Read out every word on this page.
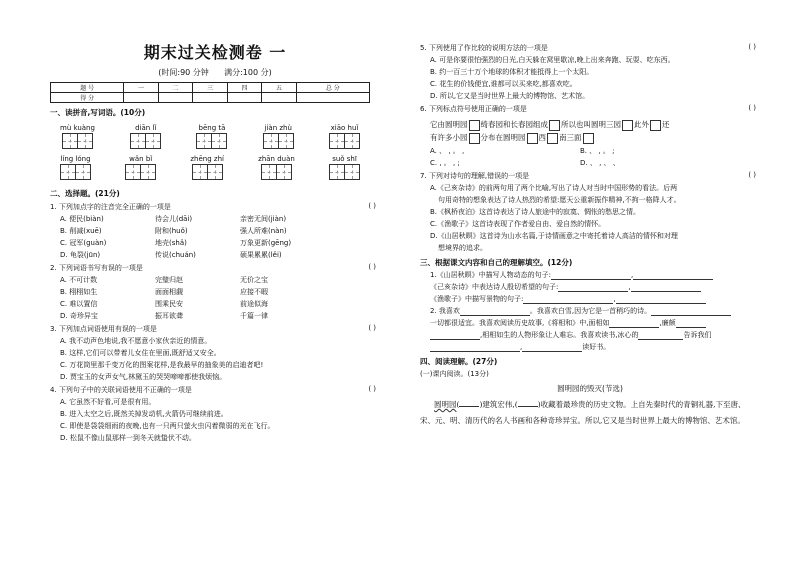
期末过关检测卷 一
(时间:90 分钟 满分:100 分)
题 号	一	二	三	四	五	总 分
得 分						
一、读拼音,写词语。(10分)
mù kuàng	diān lǐ	bēng tā	jiàn zhù	xiāo huǐ
líng lóng	wǎn bǐ	zhēng zhí	zhān duàn	suǒ shī
二、选择题。(21分)
1. 下列加点字的注音完全正确的一项是	( )
A. 便民(biàn)	待会儿(dāi)	亲密无间(jiàn)
B. 削减(xuē)	附和(huǒ)	强人所难(nàn)
C. 冠军(guàn)	地壳(shǎ)	万象更新(gēng)
D. 龟裂(jūn)	传说(chuán)	硕果累累(lěi)
2. 下列词语书写有误的一项是	( )
A. 不可计数	完璧归赵	无价之宝
B. 栩栩如生	面面相觑	应接不暇
C. 难以置信	围乘民安	前途似海
D. 奇珍异宝	振耳欲聋	千篇一律
3. 下列加点词语使用有误的一项是	( )
A. 我不动声色地说,我不愿意小家伙亲近的情意。
B. 这样,它们可以带着儿女住在里面,既舒适又安全。
C. 万花筒里那千变万化的图案花样,是我最早的抽象美的启迪者吧!
D. 贾宝玉的女声女气,林黛玉的哭哭啼啼都使我烦恼。
4. 下列句子中的关联词语使用不正确的一项是	( )
A. 它虽然不好看,可是很有用。
B. 进入太空之后,既然关掉发动机,火箭仍可继续前进。
C. 即使是袋袋细雨的夜晚,也有一只两只萤火虫闪着微弱的光在飞行。
D. 松鼠不像山鼠那样一到冬天就蛰伏不动。
5. 下列使用了作比较的说明方法的一项是	( )
A. 可是你要很怕强烈的日光,白天躲在窝里歇凉,晚上出来奔跑、玩耍、吃东西。
B. 约一百三十万个地球的体积才能抵得上一个太阳。
C. 花生的价钱便宜,谁都可以买来吃,都喜欢吃。
D. 所以,它又是当时世界上最大的博物馆、艺术馆。
6. 下列标点符号使用正确的一项是	( )
它由圆明园 绮春园和长春园组成 所以也叫圆明三园 此外 还
有许多小园 分布在圆明园 西 南三面
A. 、 , 。 ,	B. 、 , 。 ;
C. , 。 , ;	D. 、 , 、 、
7. 下列对诗句的理解,错误的一项是	( )
A.《己亥杂诗》的前两句用了两个比喻,写出了诗人对当时中国形势的看法。后两
句用奇特的想象表达了诗人热烈的希望:愿天公重新振作精神,不拘一格降人才。
B.《枫桥夜泊》这首诗表达了诗人旅途中的寂寞、惆怅的愁思之情。
C.《渔歌子》这首诗表现了作者爱自由、爱自然的情怀。
D.《山居秋暝》这首诗为山水名篇,于诗情画意之中寄托着诗人高洁的情怀和对理
想境界的追求。
三、根据课文内容和自己的理解填空。(12分)
1.《山居秋暝》中描写人物动态的句子:	,
《己亥杂诗》中表达诗人殷切希望的句子:	,
《渔歌子》中描写景物的句子:	,
2. 我喜欢	。我喜欢白雪,因为它是一首稍巧的诗。
一切都很适宜。我喜欢阅读历史故事,《将相和》中,面相如	,廉颇
,相相如生的人物形象让人难忘。我喜欢读书,冰心的	告诉我们
,	读好书。
四、阅读理解。(27分)
(一)课内阅读。(13分)
圆明园的毁灭(节选)
圆明园(	)建筑宏伟,(	)收藏着最珍贵的历史文物。上自先秦时代的青铜礼器,下至唐、宋、元、明、清历代的名人书画和各种奇珍异宝。所以,它又是当时世界上最大的博物馆、艺术馆。
